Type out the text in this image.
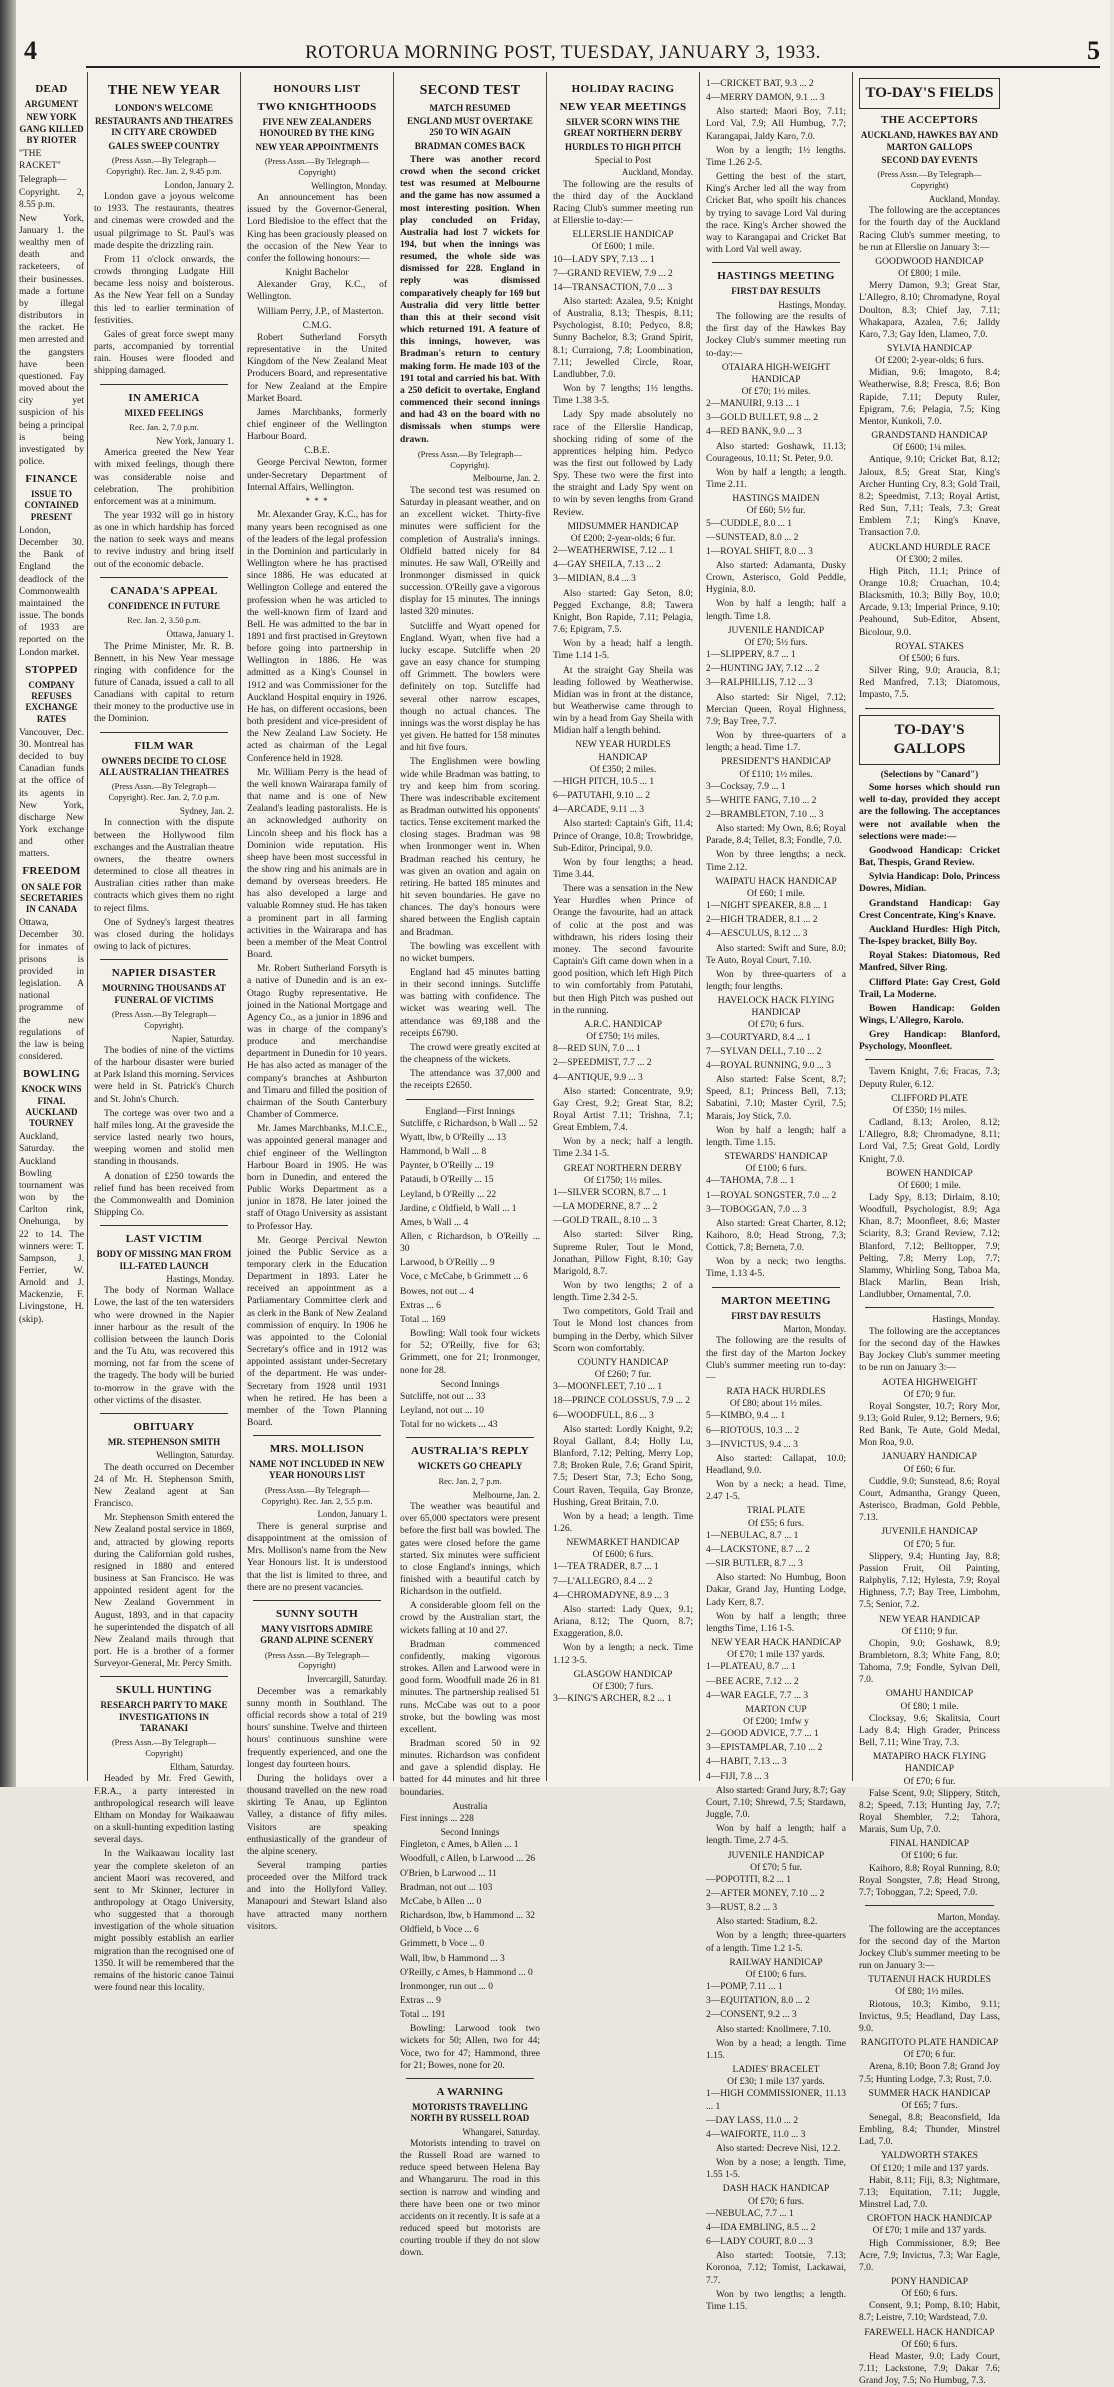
4	ROTORUA MORNING POST, TUESDAY, JANUARY 3, 1933.	5
DEAD
ARGUMENT
NEW YORK GANG KILLED BY RIOTER

"THE RACKET"

Telegraph—Copyright. 2, 8.55 p.m.

New York, January 1. the wealthy men of death and racketeers, of their businesses. made a fortune by illegal distributors in the racket. He men arrested and the gangsters have been questioned. Fay moved about the city yet suspicion of his being a principal is being investigated by police.

FINANCE
ISSUE TO CONTAINED PRESENT

London, December 30. the Bank of England the deadlock of the Commonwealth maintained the issue. The bonds of 1933 are reported on the London market.

STOPPED
COMPANY REFUSES EXCHANGE RATES

Vancouver, Dec. 30. Montreal has decided to buy Canadian funds at the office of its agents in New York, discharge New York exchange and other matters.

FREEDOM
ON SALE FOR SECRETARIES IN CANADA

Ottawa, December 30. for inmates of prisons is provided in legislation. A national programme of the new regulations of the law is being considered.

BOWLING
KNOCK WINS FINAL AUCKLAND TOURNEY

Auckland, Saturday. the Auckland Bowling tournament was won by the Carlton rink, Onehunga, by 22 to 14. The winners were: T. Sampson, J. Ferrier, W. Arnold and J. Mackenzie, F. Livingstone, H. (skip).

THE NEW YEAR
LONDON'S WELCOME
RESTAURANTS AND THEATRES IN CITY ARE CROWDED
GALES SWEEP COUNTRY
(Press Assn.—By Telegraph—Copyright). Rec. Jan. 2, 9.45 p.m.
London, January 2.

London gave a joyous welcome to 1933. The restaurants, theatres and cinemas were crowded and the usual pilgrimage to St. Paul's was made despite the drizzling rain.

From 11 o'clock onwards, the crowds thronging Ludgate Hill became less noisy and boisterous. As the New Year fell on a Sunday this led to earlier termination of festivities.

Gales of great force swept many parts, accompanied by torrential rain. Houses were flooded and shipping damaged.

IN AMERICA
MIXED FEELINGS
Rec. Jan. 2, 7.0 p.m.
New York, January 1.

America greeted the New Year with mixed feelings, though there was considerable noise and celebration. The prohibition enforcement was at a minimum.

The year 1932 will go in history as one in which hardship has forced the nation to seek ways and means to revive industry and bring itself out of the economic debacle.

CANADA'S APPEAL
CONFIDENCE IN FUTURE
Rec. Jan. 2, 3.50 p.m.
Ottawa, January 1.

The Prime Minister, Mr. R. B. Bennett, in his New Year message ringing with confidence for the future of Canada, issued a call to all Canadians with capital to return their money to the productive use in the Dominion.

FILM WAR
OWNERS DECIDE TO CLOSE ALL AUSTRALIAN THEATRES
(Press Assn.—By Telegraph—Copyright). Rec. Jan. 2, 7.0 p.m.
Sydney, Jan. 2.

In connection with the dispute between the Hollywood film exchanges and the Australian theatre owners, the theatre owners determined to close all theatres in Australian cities rather than make contracts which gives them no right to reject films.

One of Sydney's largest theatres was closed during the holidays owing to lack of pictures.

NAPIER DISASTER
MOURNING THOUSANDS AT FUNERAL OF VICTIMS
(Press Assn.—By Telegraph—Copyright).
Napier, Saturday.

The bodies of nine of the victims of the harbour disaster were buried at Park Island this morning. Services were held in St. Patrick's Church and St. John's Church.

The cortege was over two and a half miles long. At the graveside the service lasted nearly two hours, weeping women and stolid men standing in thousands.

A donation of £250 towards the relief fund has been received from the Commonwealth and Dominion Shipping Co.

LAST VICTIM
BODY OF MISSING MAN FROM ILL-FATED LAUNCH
Hastings, Monday.

The body of Norman Wallace Lowe, the last of the ten watersiders who were drowned in the Napier inner harbour as the result of the collision between the launch Doris and the Tu Atu, was recovered this morning, not far from the scene of the tragedy. The body will be buried to-morrow in the grave with the other victims of the disaster.

OBITUARY
MR. STEPHENSON SMITH
Wellington, Saturday.

The death occurred on December 24 of Mr. H. Stephenson Smith, New Zealand agent at San Francisco.

Mr. Stephenson Smith entered the New Zealand postal service in 1869, and, attracted by glowing reports during the Californian gold rushes, resigned in 1880 and entered business at San Francisco. He was appointed resident agent for the New Zealand Government in August, 1893, and in that capacity he superintended the dispatch of all New Zealand mails through that port. He is a brother of a former Surveyor-General, Mr. Percy Smith.

SKULL HUNTING
RESEARCH PARTY TO MAKE INVESTIGATIONS IN TARANAKI
(Press Assn.—By Telegraph—Copyright)
Eltham, Saturday.

Headed by Mr. Fred Gewith, F.R.A., a party interested in anthropological research will leave Eltham on Monday for Waikaawau on a skull-hunting expedition lasting several days.

In the Waikaawau locality last year the complete skeleton of an ancient Maori was recovered, and sent to Mr Skinner, lecturer in anthropology at Otago University, who suggested that a thorough investigation of the whole situation might possibly establish an earlier migration than the recognised one of 1350. It will be remembered that the remains of the historic canoe Tainui were found near this locality.

HONOURS LIST
TWO KNIGHTHOODS
FIVE NEW ZEALANDERS HONOURED BY THE KING
NEW YEAR APPOINTMENTS
(Press Assn.—By Telegraph—Copyright)
Wellington, Monday.

An announcement has been issued by the Governor-General, Lord Bledisloe to the effect that the King has been graciously pleased on the occasion of the New Year to confer the following honours:—

Knight Bachelor

Alexander Gray, K.C., of Wellington.

William Perry, J.P., of Masterton.

C.M.G.

Robert Sutherland Forsyth representative in the United Kingdom of the New Zealand Meat Producers Board, and representative for New Zealand at the Empire Market Board.

James Marchbanks, formerly chief engineer of the Wellington Harbour Board.

C.B.E.

George Percival Newton, former under-Secretary Department of Internal Affairs, Wellington.

* * *

Mr. Alexander Gray, K.C., has for many years been recognised as one of the leaders of the legal profession in the Dominion and particularly in Wellington where he has practised since 1886. He was educated at Wellington College and entered the profession when he was articled to the well-known firm of Izard and Bell. He was admitted to the bar in 1891 and first practised in Greytown before going into partnership in Wellington in 1886. He was admitted as a King's Counsel in 1912 and was Commissioner for the Auckland Hospital enquiry in 1926. He has, on different occasions, been both president and vice-president of the New Zealand Law Society. He acted as chairman of the Legal Conference held in 1928.

Mr. William Perry is the head of the well known Wairarapa family of that name and is one of New Zealand's leading pastoralists. He is an acknowledged authority on Lincoln sheep and his flock has a Dominion wide reputation. His sheep have been most successful in the show ring and his animals are in demand by overseas breeders. He has also developed a large and valuable Romney stud. He has taken a prominent part in all farming activities in the Wairarapa and has been a member of the Meat Control Board.

Mr. Robert Sutherland Forsyth is a native of Dunedin and is an ex-Otago Rugby representative. He joined in the National Mortgage and Agency Co., as a junior in 1896 and was in charge of the company's produce and merchandise department in Dunedin for 10 years. He has also acted as manager of the company's branches at Ashburton and Timaru and filled the position of chairman of the South Canterbury Chamber of Commerce.

Mr. James Marchbanks, M.I.C.E., was appointed general manager and chief engineer of the Wellington Harbour Board in 1905. He was born in Dunedin, and entered the Public Works Department as a junior in 1878. He later joined the staff of Otago University as assistant to Professor Hay.

Mr. George Percival Newton joined the Public Service as a temporary clerk in the Education Department in 1893. Later he received an appointment as a Parliamentary Committee clerk and as clerk in the Bank of New Zealand commission of enquiry. In 1906 he was appointed to the Colonial Secretary's office and in 1912 was appointed assistant under-Secretary of the department. He was under-Secretary from 1928 until 1931 when he retired. He has been a member of the Town Planning Board.

MRS. MOLLISON
NAME NOT INCLUDED IN NEW YEAR HONOURS LIST
(Press Assn.—By Telegraph—Copyright). Rec. Jan. 2, 5.5 p.m.
London, January 1.

There is general surprise and disappointment at the omission of Mrs. Mollison's name from the New Year Honours list. It is understood that the list is limited to three, and there are no present vacancies.

SUNNY SOUTH
MANY VISITORS ADMIRE GRAND ALPINE SCENERY
(Press Assn.—By Telegraph—Copyright)
Invercargill, Saturday.

December was a remarkably sunny month in Southland. The official records show a total of 219 hours' sunshine. Twelve and thirteen hours' continuous sunshine were frequently experienced, and one the longest day fourteen hours.

During the holidays over a thousand travelled on the new road skirting Te Anau, up Eglinton Valley, a distance of fifty miles. Visitors are speaking enthusiastically of the grandeur of the alpine scenery.

Several tramping parties proceeded over the Milford track and into the Hollyford Valley. Manapouri and Stewart Island also have attracted many northern visitors.

SECOND TEST
MATCH RESUMED
ENGLAND MUST OVERTAKE 250 TO WIN AGAIN
BRADMAN COMES BACK

There was another record crowd when the second cricket test was resumed at Melbourne and the game has now assumed a most interesting position. When play concluded on Friday, Australia had lost 7 wickets for 194, but when the innings was resumed, the whole side was dismissed for 228. England in reply was dismissed comparatively cheaply for 169 but Australia did very little better than this at their second visit which returned 191. A feature of this innings, however, was Bradman's return to century making form. He made 103 of the 191 total and carried his bat. With a 250 deficit to overtake, England commenced their second innings and had 43 on the board with no dismissals when stumps were drawn.

(Press Assn.—By Telegraph—Copyright).
Melbourne, Jan. 2.

The second test was resumed on Saturday in pleasant weather, and on an excellent wicket. Thirty-five minutes were sufficient for the completion of Australia's innings. Oldfield batted nicely for 84 minutes. He saw Wall, O'Reilly and Ironmonger dismissed in quick succession. O'Reilly gave a vigorous display for 15 minutes. The innings lasted 320 minutes.

Sutcliffe and Wyatt opened for England. Wyatt, when five had a lucky escape. Sutcliffe when 20 gave an easy chance for stumping off Grimmett. The bowlers were definitely on top. Sutcliffe had several other narrow escapes, though no actual chances. The innings was the worst display he has yet given. He batted for 158 minutes and hit five fours.

The Englishmen were bowling wide while Bradman was batting, to try and keep him from scoring. There was indescribable excitement as Bradman outwitted his opponents' tactics. Tense excitement marked the closing stages. Bradman was 98 when Ironmonger went in. When Bradman reached his century, he was given an ovation and again on retiring. He batted 185 minutes and hit seven boundaries. He gave no chances. The day's honours were shared between the English captain and Bradman.

The bowling was excellent with no wicket bumpers.

England had 45 minutes batting in their second innings. Sutcliffe was batting with confidence. The wicket was wearing well. The attendance was 69,188 and the receipts £6790.

The crowd were greatly excited at the cheapness of the wickets.

The attendance was 37,000 and the receipts £2650.

England—First Innings

Sutcliffe, c Richardson, b Wall ... 52

Wyatt, lbw, b O'Reilly ... 13

Hammond, b Wall ... 8

Paynter, b O'Reilly ... 19

Pataudi, b O'Reilly ... 15

Leyland, b O'Reilly ... 22

Jardine, c Oldfield, b Wall ... 1

Ames, b Wall ... 4

Allen, c Richardson, b O'Reilly ... 30

Larwood, b O'Reilly ... 9

Voce, c McCabe, b Grimmett ... 6

Bowes, not out ... 4

Extras ... 6

Total ... 169

Bowling: Wall took four wickets for 52; O'Reilly, five for 63; Grimmett, one for 21; Ironmonger, none for 28.

Second Innings

Sutcliffe, not out ... 33

Leyland, not out ... 10

Total for no wickets ... 43

AUSTRALIA'S REPLY
WICKETS GO CHEAPLY
Rec. Jan. 2, 7 p.m.
Melbourne, Jan. 2.

The weather was beautiful and over 65,000 spectators were present before the first ball was bowled. The gates were closed before the game started. Six minutes were sufficient to close England's innings, which finished with a beautiful catch by Richardson in the outfield.

A considerable gloom fell on the crowd by the Australian start, the wickets falling at 10 and 27.

Bradman commenced confidently, making vigorous strokes. Allen and Larwood were in good form. Woodfull made 26 in 81 minutes. The partnership realised 51 runs. McCabe was out to a poor stroke, but the bowling was most excellent.

Bradman scored 50 in 92 minutes. Richardson was confident and gave a splendid display. He batted for 44 minutes and hit three boundaries.

Australia

First innings ... 228

Second Innings

Fingleton, c Ames, b Allen ... 1

Woodfull, c Allen, b Larwood ... 26

O'Brien, b Larwood ... 11

Bradman, not out ... 103

McCabe, b Allen ... 0

Richardson, lbw, b Hammond ... 32

Oldfield, b Voce ... 6

Grimmett, b Voce ... 0

Wall, lbw, b Hammond ... 3

O'Reilly, c Ames, b Hammond ... 0

Ironmonger, run out ... 0

Extras ... 9

Total ... 191

Bowling: Larwood took two wickets for 50; Allen, two for 44; Voce, two for 47; Hammond, three for 21; Bowes, none for 20.

A WARNING
MOTORISTS TRAVELLING NORTH BY RUSSELL ROAD
Whangarei, Saturday.

Motorists intending to travel on the Russell Road are warned to reduce speed between Helena Bay and Whangaruru. The road in this section is narrow and winding and there have been one or two minor accidents on it recently. It is safe at a reduced speed but motorists are courting trouble if they do not slow down.

HOLIDAY RACING
NEW YEAR MEETINGS
SILVER SCORN WINS THE GREAT NORTHERN DERBY
HURDLES TO HIGH PITCH
Special to Post
Auckland, Monday.

The following are the results of the third day of the Auckland Racing Club's summer meeting run at Ellerslie to-day:—

ELLERSLIE HANDICAP
Of £600; 1 mile.

10—LADY SPY, 7.13 ... 1

7—GRAND REVIEW, 7.9 ... 2

14—TRANSACTION, 7.0 ... 3

Also started: Azalea, 9.5; Knight of Australia, 8.13; Thespis, 8.11; Psychologist, 8.10; Pedyco, 8.8; Sunny Bachelor, 8.3; Grand Spirit, 8.1; Curraiong, 7.8; Loombination, 7.11; Jewelled Circle, Roar, Landlubber, 7.0.

Won by 7 lengths; 1½ lengths. Time 1.38 3-5.

Lady Spy made absolutely no race of the Ellerslie Handicap, shocking riding of some of the apprentices helping him. Pedyco was the first out followed by Lady Spy. These two were the first into the straight and Lady Spy went on to win by seven lengths from Grand Review.

MIDSUMMER HANDICAP
Of £200; 2-year-olds; 6 fur.

2—WEATHERWISE, 7.12 ... 1

4—GAY SHEILA, 7.13 ... 2

3—MIDIAN, 8.4 ... 3

Also started: Gay Seton, 8.0; Pegged Exchange, 8.8; Tawera Knight, Bon Rapide, 7.11; Pelagia, 7.6; Epigram, 7.5.

Won by a head; half a length. Time 1.14 1-5.

At the straight Gay Sheila was leading followed by Weatherwise. Midian was in front at the distance, but Weatherwise came through to win by a head from Gay Sheila with Midian half a length behind.

NEW YEAR HURDLES HANDICAP
Of £350; 2 miles.

—HIGH PITCH, 10.5 ... 1

6—PATUTAHI, 9.10 ... 2

4—ARCADE, 9.11 ... 3

Also started: Captain's Gift, 11.4; Prince of Orange, 10.8; Trowbridge, Sub-Editor, Principal, 9.0.

Won by four lengths; a head. Time 3.44.

There was a sensation in the New Year Hurdles when Prince of Orange the favourite, had an attack of colic at the post and was withdrawn, his riders losing their money. The second favourite Captain's Gift came down when in a good position, which left High Pitch to win comfortably from Patutahi, but then High Pitch was pushed out in the running.

A.R.C. HANDICAP
Of £750; 1½ miles.

8—RED SUN, 7.0 ... 1

2—SPEEDMIST, 7.7 ... 2

4—ANTIQUE, 9.9 ... 3

Also started: Concentrate, 9.9; Gay Crest, 9.2; Great Star, 8.2; Royal Artist 7.11; Trishna, 7.1; Great Emblem, 7.4.

Won by a neck; half a length. Time 2.34 1-5.

GREAT NORTHERN DERBY
Of £1750; 1½ miles.

1—SILVER SCORN, 8.7 ... 1

—LA MODERNE, 8.7 ... 2

—GOLD TRAIL, 8.10 ... 3

Also started: Silver Ring, Supreme Ruler, Tout le Mond, Jonathan, Pillow Fight, 8.10; Gay Marigold, 8.7.

Won by two lengths; 2 of a length. Time 2.34 2-5.

Two competitors, Gold Trail and Tout le Mond lost chances from bumping in the Derby, which Silver Scorn won comfortably.

COUNTY HANDICAP
Of £260; 7 fur.

3—MOONFLEET, 7.10 ... 1

18—PRINCE COLOSSUS, 7.9 ... 2

6—WOODFULL, 8.6 ... 3

Also started: Lordly Knight, 9.2; Royal Gallant, 8.4; Holly Lu, Blanford, 7.12; Pelting, Merry Lop, 7.8; Broken Rule, 7.6; Grand Spirit, 7.5; Desert Star, 7.3; Echo Song, Court Raven, Tequila, Gay Bronze, Hushing, Great Britain, 7.0.

Won by a head; a length. Time 1.26.

NEWMARKET HANDICAP
Of £600; 6 furs.

1—TEA TRADER, 8.7 ... 1

7—L'ALLEGRO, 8.4 ... 2

4—CHROMADYNE, 8.9 ... 3

Also started: Lady Quex, 9.1; Ariana, 8.12; The Quorn, 8.7; Exaggeration, 8.0.

Won by a length; a neck. Time 1.12 3-5.

GLASGOW HANDICAP
Of £300; 7 furs.

3—KING'S ARCHER, 8.2 ... 1

1—CRICKET BAT, 9.3 ... 2

4—MERRY DAMON, 9.1 ... 3

Also started: Maori Boy, 7.11; Lord Val, 7.9; All Humbug, 7.7; Karangapai, Jaldy Karo, 7.0.

Won by a length; 1½ lengths. Time 1.26 2-5.

Getting the best of the start, King's Archer led all the way from Cricket Bat, who spoilt his chances by trying to savage Lord Val during the race. King's Archer showed the way to Karangapai and Cricket Bat with Lord Val well away.

HASTINGS MEETING
FIRST DAY RESULTS
Hastings, Monday.

The following are the results of the first day of the Hawkes Bay Jockey Club's summer meeting run to-day:—

OTAIARA HIGH-WEIGHT HANDICAP
Of £70; 1½ miles.

2—MANUIRI, 9.13 ... 1

3—GOLD BULLET, 9.8 ... 2

4—RED BANK, 9.0 ... 3

Also started: Goshawk, 11.13; Courageous, 10.11; St. Peter, 9.0.

Won by half a length; a length. Time 2.11.

HASTINGS MAIDEN
Of £60; 5½ fur.

5—CUDDLE, 8.0 ... 1

—SUNSTEAD, 8.0 ... 2

1—ROYAL SHIFT, 8.0 ... 3

Also started: Adamanta, Dusky Crown, Asterisco, Gold Peddle, Hyginia, 8.0.

Won by half a length; half a length. Time 1.8.

JUVENILE HANDICAP
Of £70; 5½ furs.

1—SLIPPERY, 8.7 ... 1

2—HUNTING JAY, 7.12 ... 2

3—RALPHILLIS, 7.12 ... 3

Also started: Sir Nigel, 7.12; Mercian Queen, Royal Highness, 7.9; Bay Tree, 7.7.

Won by three-quarters of a length; a head. Time 1.7.

PRESIDENT'S HANDICAP
Of £110; 1½ miles.

3—Cocksay, 7.9 ... 1

5—WHITE FANG, 7.10 ... 2

2—BRAMBLETON, 7.10 ... 3

Also started: My Own, 8.6; Royal Parade, 8.4; Tellet, 8.3; Fondle, 7.0.

Won by three lengths; a neck. Time 2.12.

WAIPATU HACK HANDICAP
Of £60; 1 mile.

1—NIGHT SPEAKER, 8.8 ... 1

2—HIGH TRADER, 8.1 ... 2

4—AESCULUS, 8.12 ... 3

Also started: Swift and Sure, 8.0; Te Auto, Royal Court, 7.10.

Won by three-quarters of a length; four lengths.

HAVELOCK HACK FLYING HANDICAP
Of £70; 6 furs.

3—COURTYARD, 8.4 ... 1

7—SYLVAN DELL, 7.10 ... 2

4—ROYAL RUNNING, 9.0 ... 3

Also started: False Scent, 8.7; Speed, 8.1; Princess Bell, 7.13; Sabatini, 7.10; Master Cyril, 7.5; Marais, Joy Stick, 7.0.

Won by half a length; half a length. Time 1.15.

STEWARDS' HANDICAP
Of £100; 6 furs.

4—TAHOMA, 7.8 ... 1

1—ROYAL SONGSTER, 7.0 ... 2

3—TOBOGGAN, 7.0 ... 3

Also started: Great Charter, 8.12; Kaihoro, 8.0; Head Strong, 7.3; Cottick, 7.8; Berneta, 7.0.

Won by a neck; two lengths. Time, 1.13 4-5.

MARTON MEETING
FIRST DAY RESULTS
Marton, Monday.

The following are the results of the first day of the Marton Jockey Club's summer meeting run to-day:—

RATA HACK HURDLES
Of £80; about 1½ miles.

5—KIMBO, 9.4 ... 1

6—RIOTOUS, 10.3 ... 2

3—INVICTUS, 9.4 ... 3

Also started: Callapat, 10.0; Headland, 9.0.

Won by a neck; a head. Time, 2.47 1-5.

TRIAL PLATE
Of £55; 6 furs.

1—NEBULAC, 8.7 ... 1

4—LACKSTONE, 8.7 ... 2

—SIR BUTLER, 8.7 ... 3

Also started: No Humbug, Boon Dakar, Grand Jay, Hunting Lodge, Lady Kerr, 8.7.

Won by half a length; three lengths Time, 1.16 1-5.

NEW YEAR HACK HANDICAP
Of £70; 1 mile 137 yards.

1—PLATEAU, 8.7 ... 1

—BEE ACRE, 7.12 ... 2

4—WAR EAGLE, 7.7 ... 3

MARTON CUP
Of £200; 1mfw y

2—GOOD ADVICE, 7.7 ... 1

3—EPISTAMPLAR, 7.10 ... 2

4—HABIT, 7.13 ... 3

4—FIJI, 7.8 ... 3

Also started: Grand Jury, 8.7; Gay Court, 7.10; Shrewd, 7.5; Stardawn, Juggle, 7.0.

Won by half a length; half a length. Time, 2.7 4-5.

JUVENILE HANDICAP
Of £70; 5 fur.

—POPOTITI, 8.2 ... 1

2—AFTER MONEY, 7.10 ... 2

3—RUST, 8.2 ... 3

Also started: Stadium, 8.2.

Won by a length; three-quarters of a length. Time 1.2 1-5.

RAILWAY HANDICAP
Of £100; 6 furs.

1—POMP, 7.11 ... 1

3—EQUITATION, 8.0 ... 2

2—CONSENT, 9.2 ... 3

Also started: Knollmere, 7.10.

Won by a head; a length. Time 1.15.

LADIES' BRACELET
Of £30; 1 mile 137 yards.

1—HIGH COMMISSIONER, 11.13 ... 1

—DAY LASS, 11.0 ... 2

4—WAIFORTE, 11.0 ... 3

Also started: Decreve Nisi, 12.2.

Won by a nose; a length. Time, 1.55 1-5.

DASH HACK HANDICAP
Of £70; 6 furs.

—NEBULAC, 7.7 ... 1

4—IDA EMBLING, 8.5 ... 2

6—LADY COURT, 8.0 ... 3

Also started: Tootsie, 7.13; Koronoa, 7.12; Tomist, Lackawai, 7.7.

Won by two lengths; a length. Time 1.15.

TO-DAY'S FIELDS
THE ACCEPTORS
AUCKLAND, HAWKES BAY AND MARTON GALLOPS
SECOND DAY EVENTS
(Press Assn.—By Telegraph—Copyright)
Auckland, Monday.

The following are the acceptances for the fourth day of the Auckland Racing Club's summer meeting, to be run at Ellerslie on January 3:—

GOODWOOD HANDICAP
Of £800; 1 mile.

Merry Damon, 9.3; Great Star, L'Allegro, 8.10; Chromadyne, Royal Doulton, 8.3; Chief Jay, 7.11; Whakapara, Azalea, 7.6; Jalldy Karo, 7.3; Gay Iden, Llameo, 7.0.

SYLVIA HANDICAP
Of £200; 2-year-olds; 6 furs.

Midian, 9.6; Imagoto, 8.4; Weatherwise, 8.8; Fresca, 8.6; Bon Rapide, 7.11; Deputy Ruler, Epigram, 7.6; Pelagia, 7.5; King Mentor, Kunkoli, 7.0.

GRANDSTAND HANDICAP
Of £600; 1¼ miles.

Antique, 9.10; Cricket Bat, 8.12; Jaloux, 8.5; Great Star, King's Archer Hunting Cry, 8.3; Gold Trail, 8.2; Speedmist, 7.13; Royal Artist, Red Sun, 7.11; Teals, 7.3; Great Emblem 7.1; King's Knave, Transaction 7.0.

AUCKLAND HURDLE RACE
Of £300; 2 miles.

High Pitch, 11.1; Prince of Orange 10.8; Cruachan, 10.4; Blacksmith, 10.3; Billy Boy, 10.0; Arcade, 9.13; Imperial Prince, 9.10; Peahound, Sub-Editor, Absent, Bicolour, 9.0.

ROYAL STAKES
Of £500; 6 furs.

Silver Ring, 9.0; Araucia, 8.1; Red Manfred, 7.13; Diatomous, Impasto, 7.5.

TO-DAY'S GALLOPS
(Selections by "Canard")

Some horses which should run well to-day, provided they accept are the following. The acceptances were not available when the selections were made:—

Goodwood Handicap: Cricket Bat, Thespis, Grand Review.

Sylvia Handicap: Dolo, Princess Dowres, Midian.

Grandstand Handicap: Gay Crest Concentrate, King's Knave.

Auckland Hurdles: High Pitch, The-Ispey bracket, Billy Boy.

Royal Stakes: Diatomous, Red Manfred, Silver Ring.

Clifford Plate: Gay Crest, Gold Trail, La Moderne.

Bowen Handicap: Golden Wings, L'Allegro, Karolo.

Grey Handicap: Blanford, Psychology, Moonfleet.

Tavern Knight, 7.6; Fracas, 7.3; Deputy Ruler, 6.12.

CLIFFORD PLATE
Of £350; 1½ miles.

Cadland, 8.13; Aroleo, 8.12; L'Allegro, 8.8; Chromadyne, 8.11; Lord Val, 7.5; Great Gold, Lordly Knight, 7.0.

BOWEN HANDICAP
Of £600; 1 mile.

Lady Spy, 8.13; Dirlaim, 8.10; Woodfull, Psychologist, 8.9; Aga Khan, 8.7; Moonfleet, 8.6; Master Sciarity, 8.3; Grand Review, 7.12; Blanford, 7.12; Belltopper, 7.9; Pelting, 7.8; Merry Lop, 7.7; Slammy, Whirling Song, Taboa Ma, Black Marlin, Bean Irish, Landlubber, Ornamental, 7.0.

Hastings, Monday.

The following are the acceptances for the second day of the Hawkes Bay Jockey Club's summer meeting to be run on January 3:—

AOTEA HIGHWEIGHT
Of £70; 9 fur.

Royal Songster, 10.7; Rory Mor, 9.13; Gold Ruler, 9.12; Berners, 9.6; Red Bank, Te Aute, Gold Medal, Mon Roa, 9.0.

JANUARY HANDICAP
Of £60; 6 fur.

Cuddle, 9.0; Sunstead, 8.6; Royal Court, Admantha, Grangy Queen, Asterisco, Bradman, Gold Pebble, 7.13.

JUVENILE HANDICAP
Of £70; 5 fur.

Slippery, 9.4; Hunting Jay, 8.8; Passion Fruit, Oil Painting, Ralphylis, 7.12; Hylesta, 7.9; Royal Highness, 7.7; Bay Tree, Limbohm, 7.5; Senior, 7.2.

NEW YEAR HANDICAP
Of £110; 9 fur.

Chopin, 9.0; Goshawk, 8.9; Brambletorn, 8.3; White Fang, 8.0; Tahoma, 7.9; Fondle, Sylvan Dell, 7.0.

OMAHU HANDICAP
Of £80; 1 mile.

Clocksay, 9.6; Skalitsia, Court Lady 8.4; High Grader, Princess Bell, 7.11; Wine Tray, 7.3.

MATAPIRO HACK FLYING HANDICAP
Of £70; 6 fur.

False Scent, 9.0; Slippery, Stitch, 8.2; Speed, 7.13; Hunting Jay, 7.7; Royal Shembler, 7.2; Tahora, Marais, Sum Up, 7.0.

FINAL HANDICAP
Of £100; 6 fur.

Kaihoro, 8.8; Royal Running, 8.0; Royal Songster, 7.8; Head Strong, 7.7; Toboggan, 7.2; Speed, 7.0.

Marton, Monday.

The following are the acceptances for the second day of the Marton Jockey Club's summer meeting to be run on January 3:—

TUTAENUI HACK HURDLES
Of £80; 1½ miles.

Riotous, 10.3; Kimbo, 9.11; Invictus, 9.5; Headland, Day Lass, 9.0.

RANGITOTO PLATE HANDICAP
Of £70; 6 fur.

Arena, 8.10; Boon 7.8; Grand Joy 7.5; Hunting Lodge, 7.3; Rust, 7.0.

SUMMER HACK HANDICAP
Of £65; 7 furs.

Senegal, 8.8; Beaconsfield, Ida Embling, 8.4; Thunder, Minstrel Lad, 7.0.

YALDWORTH STAKES
Of £120; 1 mile and 137 yards.

Habit, 8.11; Fiji, 8.3; Nightmare, 7.13; Equitation, 7.11; Juggle, Minstrel Lad, 7.0.

CROFTON HACK HANDICAP
Of £70; 1 mile and 137 yards.

High Commissioner, 8.9; Bee Acre, 7.9; Invictus, 7.3; War Eagle, 7.0.

PONY HANDICAP
Of £60; 6 furs.

Consent, 9.1; Pomp, 8.10; Habit, 8.7; Leistre, 7.10; Wardstead, 7.0.

FAREWELL HACK HANDICAP
Of £60; 6 furs.

Head Master, 9.0; Lady Court, 7.11; Lackstone, 7.9; Dakar 7.6; Grand Joy, 7.5; No Humbug, 7.3.
